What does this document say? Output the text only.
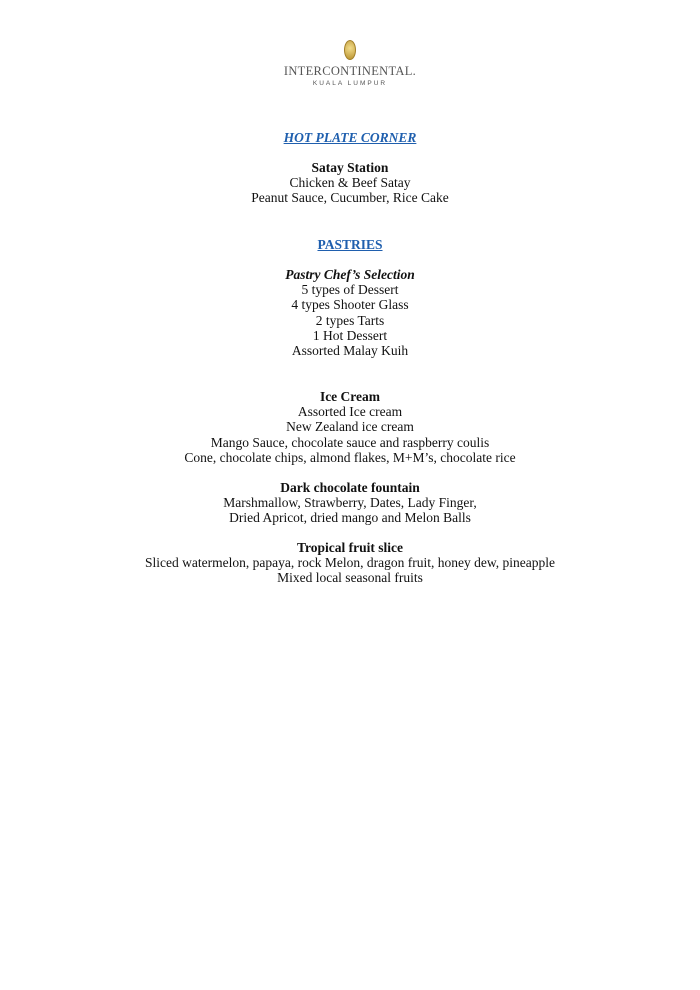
INTERCONTINENTAL.
KUALA LUMPUR
HOT PLATE CORNER
Satay Station
Chicken & Beef Satay
Peanut Sauce, Cucumber, Rice Cake
PASTRIES
Pastry Chef’s Selection
5 types of Dessert
4 types Shooter Glass
2 types Tarts
1 Hot Dessert
Assorted Malay Kuih
Ice Cream
Assorted Ice cream
New Zealand ice cream
Mango Sauce, chocolate sauce and raspberry coulis
Cone, chocolate chips, almond flakes, M+M’s, chocolate rice
Dark chocolate fountain
Marshmallow, Strawberry, Dates, Lady Finger,
Dried Apricot, dried mango and Melon Balls
Tropical fruit slice
Sliced watermelon, papaya, rock Melon, dragon fruit, honey dew, pineapple
Mixed local seasonal fruits
